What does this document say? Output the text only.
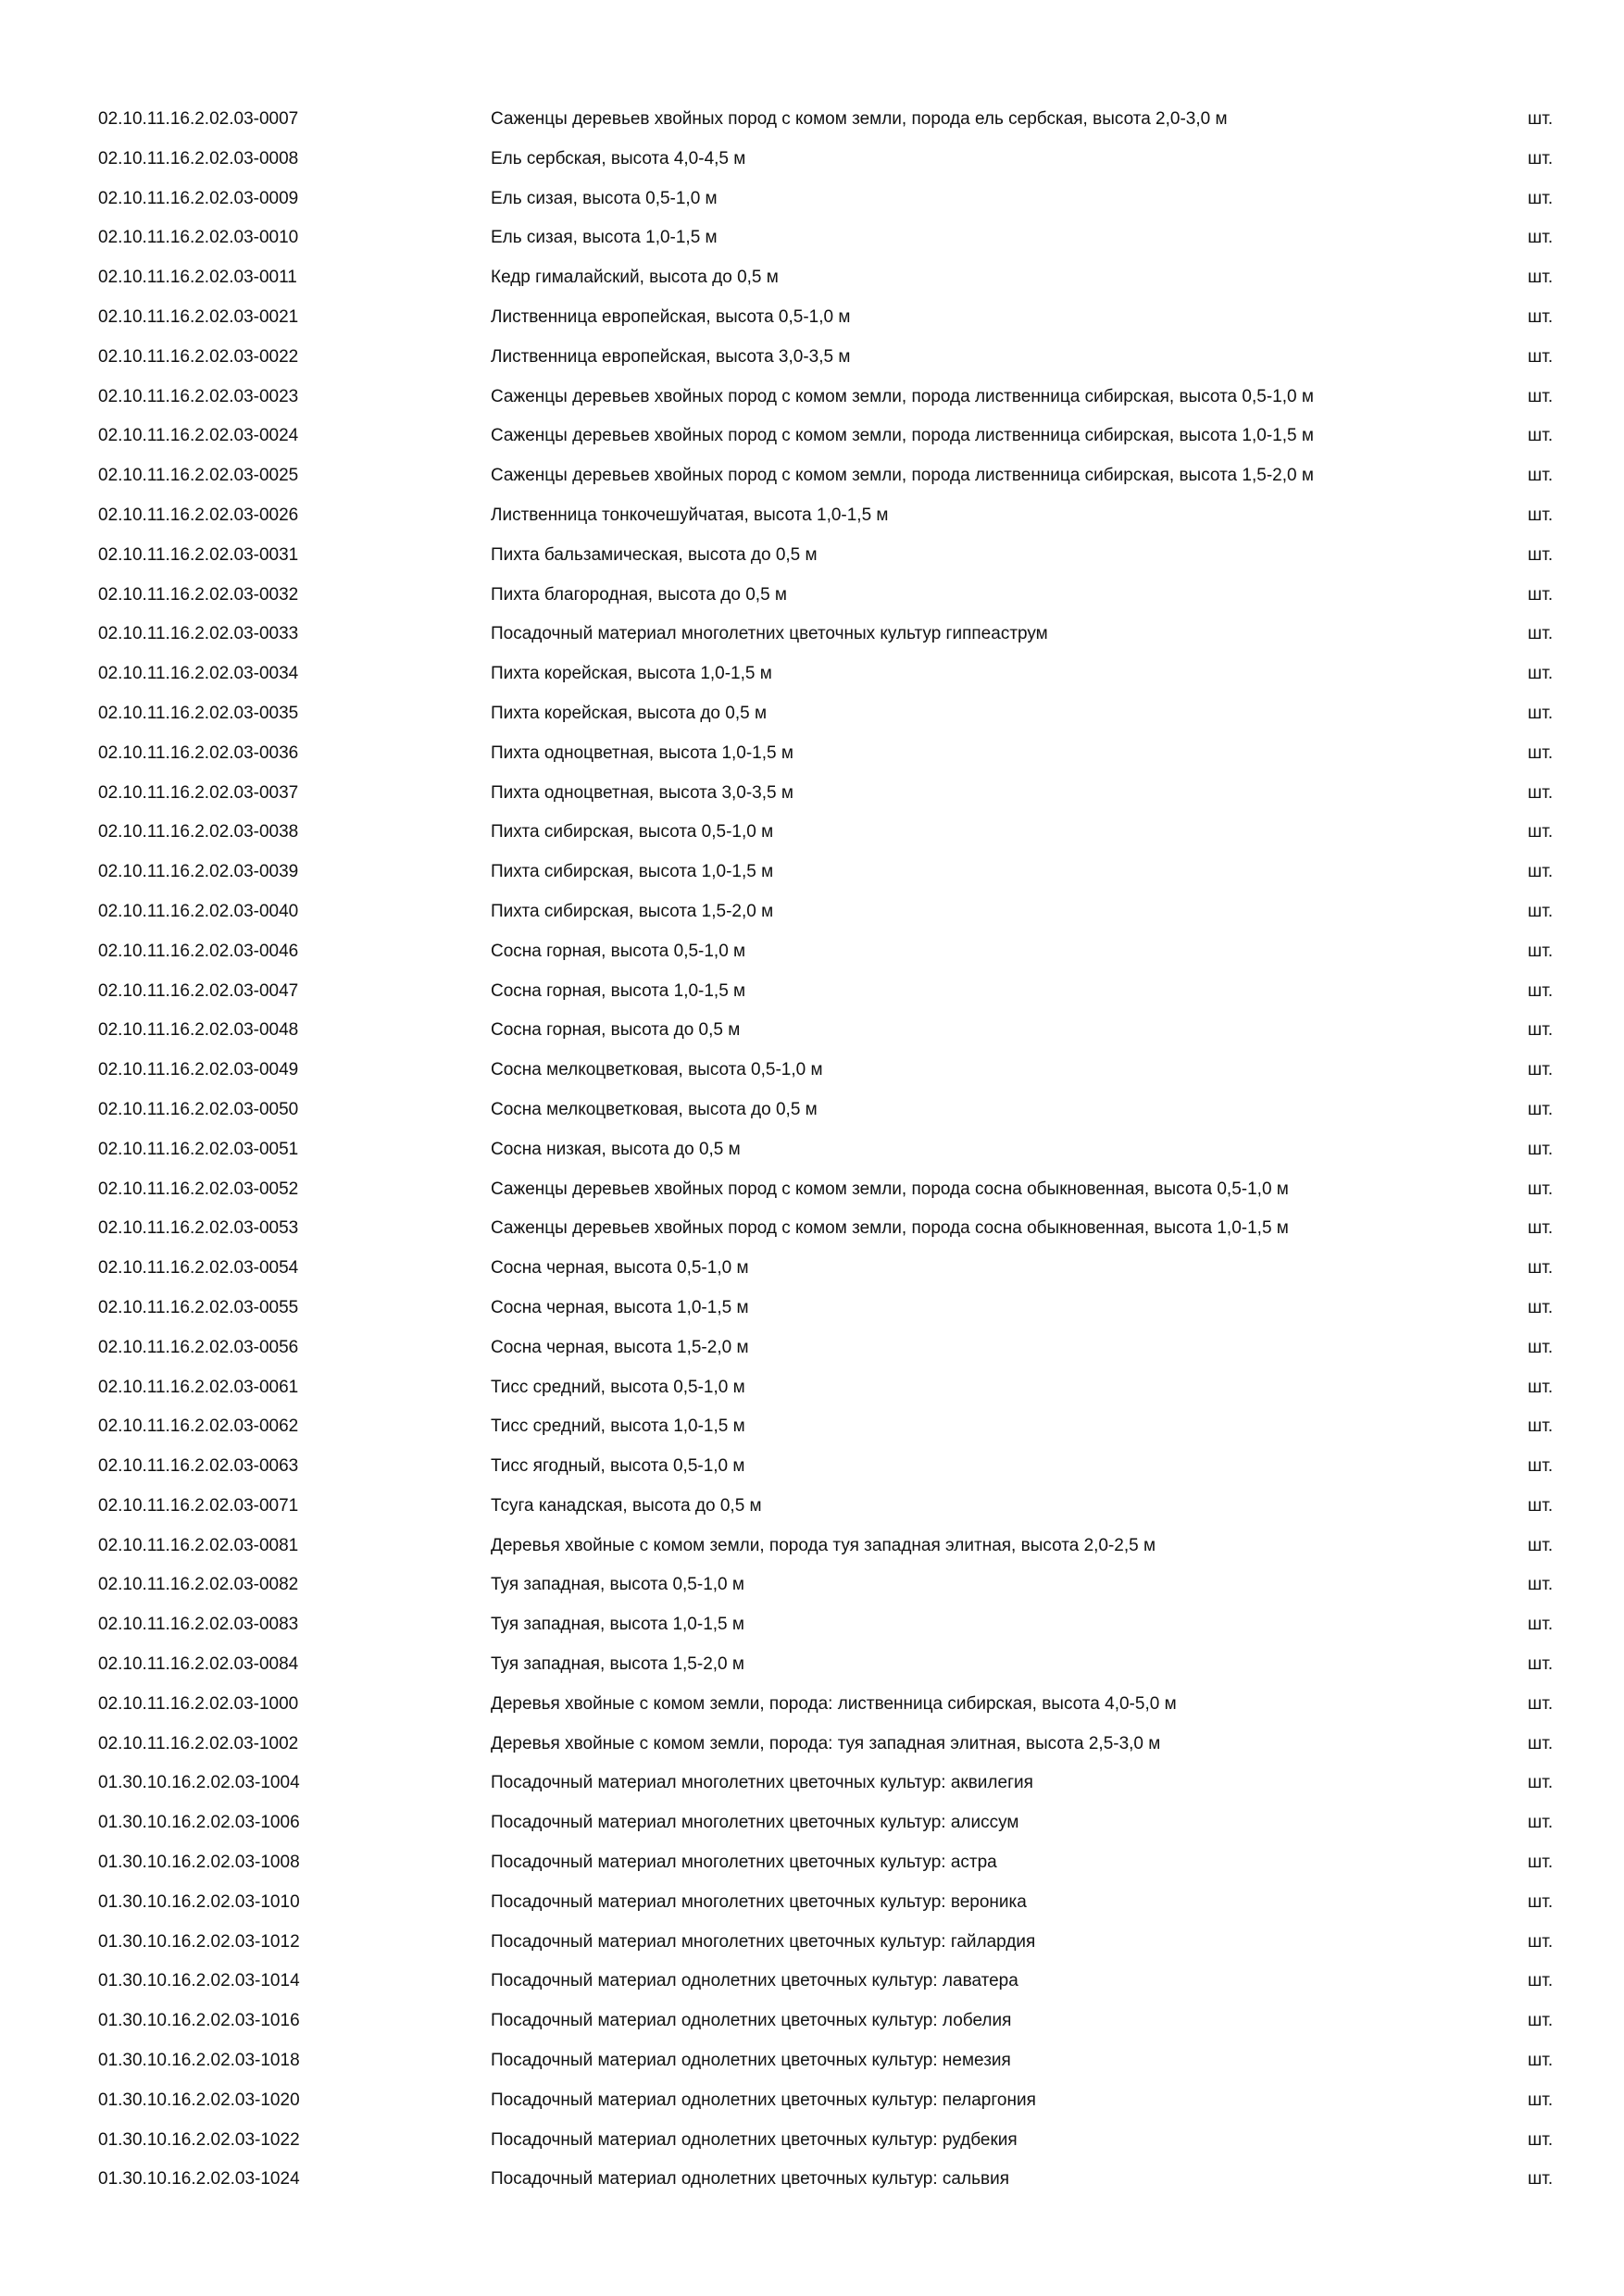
02.10.11.16.2.02.03-0007	Саженцы деревьев хвойных пород с комом земли, порода ель сербская, высота 2,0-3,0 м	шт.
02.10.11.16.2.02.03-0008	Ель сербская, высота 4,0-4,5 м	шт.
02.10.11.16.2.02.03-0009	Ель сизая, высота 0,5-1,0 м	шт.
02.10.11.16.2.02.03-0010	Ель сизая, высота 1,0-1,5 м	шт.
02.10.11.16.2.02.03-0011	Кедр гималайский, высота до 0,5 м	шт.
02.10.11.16.2.02.03-0021	Лиственница европейская, высота 0,5-1,0 м	шт.
02.10.11.16.2.02.03-0022	Лиственница европейская, высота 3,0-3,5 м	шт.
02.10.11.16.2.02.03-0023	Саженцы деревьев хвойных пород с комом земли, порода лиственница сибирская, высота 0,5-1,0 м	шт.
02.10.11.16.2.02.03-0024	Саженцы деревьев хвойных пород с комом земли, порода лиственница сибирская, высота 1,0-1,5 м	шт.
02.10.11.16.2.02.03-0025	Саженцы деревьев хвойных пород с комом земли, порода лиственница сибирская, высота 1,5-2,0 м	шт.
02.10.11.16.2.02.03-0026	Лиственница тонкочешуйчатая, высота 1,0-1,5 м	шт.
02.10.11.16.2.02.03-0031	Пихта бальзамическая, высота до 0,5 м	шт.
02.10.11.16.2.02.03-0032	Пихта благородная, высота до 0,5 м	шт.
02.10.11.16.2.02.03-0033	Посадочный материал многолетних цветочных культур гиппеаструм	шт.
02.10.11.16.2.02.03-0034	Пихта корейская, высота 1,0-1,5 м	шт.
02.10.11.16.2.02.03-0035	Пихта корейская, высота до 0,5 м	шт.
02.10.11.16.2.02.03-0036	Пихта одноцветная, высота 1,0-1,5 м	шт.
02.10.11.16.2.02.03-0037	Пихта одноцветная, высота 3,0-3,5 м	шт.
02.10.11.16.2.02.03-0038	Пихта сибирская, высота 0,5-1,0 м	шт.
02.10.11.16.2.02.03-0039	Пихта сибирская, высота 1,0-1,5 м	шт.
02.10.11.16.2.02.03-0040	Пихта сибирская, высота 1,5-2,0 м	шт.
02.10.11.16.2.02.03-0046	Сосна горная, высота 0,5-1,0 м	шт.
02.10.11.16.2.02.03-0047	Сосна горная, высота 1,0-1,5 м	шт.
02.10.11.16.2.02.03-0048	Сосна горная, высота до 0,5 м	шт.
02.10.11.16.2.02.03-0049	Сосна мелкоцветковая, высота 0,5-1,0 м	шт.
02.10.11.16.2.02.03-0050	Сосна мелкоцветковая, высота до 0,5 м	шт.
02.10.11.16.2.02.03-0051	Сосна низкая, высота до 0,5 м	шт.
02.10.11.16.2.02.03-0052	Саженцы деревьев хвойных пород с комом земли, порода сосна обыкновенная, высота 0,5-1,0 м	шт.
02.10.11.16.2.02.03-0053	Саженцы деревьев хвойных пород с комом земли, порода сосна обыкновенная, высота 1,0-1,5 м	шт.
02.10.11.16.2.02.03-0054	Сосна черная, высота 0,5-1,0 м	шт.
02.10.11.16.2.02.03-0055	Сосна черная, высота 1,0-1,5 м	шт.
02.10.11.16.2.02.03-0056	Сосна черная, высота 1,5-2,0 м	шт.
02.10.11.16.2.02.03-0061	Тисс средний, высота 0,5-1,0 м	шт.
02.10.11.16.2.02.03-0062	Тисс средний, высота 1,0-1,5 м	шт.
02.10.11.16.2.02.03-0063	Тисс ягодный, высота 0,5-1,0 м	шт.
02.10.11.16.2.02.03-0071	Тсуга канадская, высота до 0,5 м	шт.
02.10.11.16.2.02.03-0081	Деревья хвойные с комом земли, порода туя западная элитная, высота 2,0-2,5 м	шт.
02.10.11.16.2.02.03-0082	Туя западная, высота 0,5-1,0 м	шт.
02.10.11.16.2.02.03-0083	Туя западная, высота 1,0-1,5 м	шт.
02.10.11.16.2.02.03-0084	Туя западная, высота 1,5-2,0 м	шт.
02.10.11.16.2.02.03-1000	Деревья хвойные с комом земли, порода: лиственница сибирская, высота 4,0-5,0 м	шт.
02.10.11.16.2.02.03-1002	Деревья хвойные с комом земли, порода: туя западная элитная, высота 2,5-3,0 м	шт.
01.30.10.16.2.02.03-1004	Посадочный материал многолетних цветочных культур: аквилегия	шт.
01.30.10.16.2.02.03-1006	Посадочный материал многолетних цветочных культур: алиссум	шт.
01.30.10.16.2.02.03-1008	Посадочный материал многолетних цветочных культур: астра	шт.
01.30.10.16.2.02.03-1010	Посадочный материал многолетних цветочных культур: вероника	шт.
01.30.10.16.2.02.03-1012	Посадочный материал многолетних цветочных культур: гайлардия	шт.
01.30.10.16.2.02.03-1014	Посадочный материал однолетних цветочных культур: лаватера	шт.
01.30.10.16.2.02.03-1016	Посадочный материал однолетних цветочных культур: лобелия	шт.
01.30.10.16.2.02.03-1018	Посадочный материал однолетних цветочных культур: немезия	шт.
01.30.10.16.2.02.03-1020	Посадочный материал однолетних цветочных культур: пеларгония	шт.
01.30.10.16.2.02.03-1022	Посадочный материал однолетних цветочных культур: рудбекия	шт.
01.30.10.16.2.02.03-1024	Посадочный материал однолетних цветочных культур: сальвия	шт.
